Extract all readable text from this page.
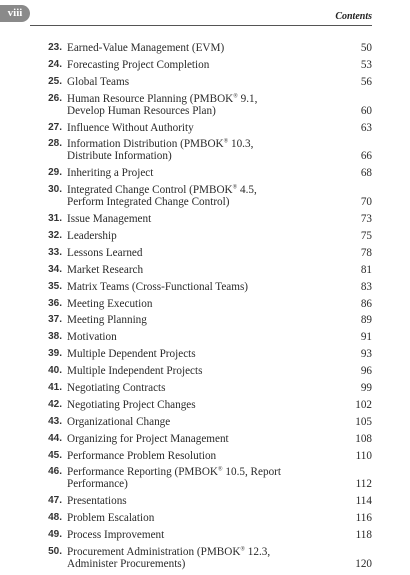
viii	Contents
23. Earned-Value Management (EVM)	50
24. Forecasting Project Completion	53
25. Global Teams	56
26. Human Resource Planning (PMBOK® 9.1,
Develop Human Resources Plan)	60
27. Influence Without Authority	63
28. Information Distribution (PMBOK® 10.3,
Distribute Information)	66
29. Inheriting a Project	68
30. Integrated Change Control (PMBOK® 4.5,
Perform Integrated Change Control)	70
31. Issue Management	73
32. Leadership	75
33. Lessons Learned	78
34. Market Research	81
35. Matrix Teams (Cross-Functional Teams)	83
36. Meeting Execution	86
37. Meeting Planning	89
38. Motivation	91
39. Multiple Dependent Projects	93
40. Multiple Independent Projects	96
41. Negotiating Contracts	99
42. Negotiating Project Changes	102
43. Organizational Change	105
44. Organizing for Project Management	108
45. Performance Problem Resolution	110
46. Performance Reporting (PMBOK® 10.5, Report Performance)	112
47. Presentations	114
48. Problem Escalation	116
49. Process Improvement	118
50. Procurement Administration (PMBOK® 12.3,
Administer Procurements)	120
